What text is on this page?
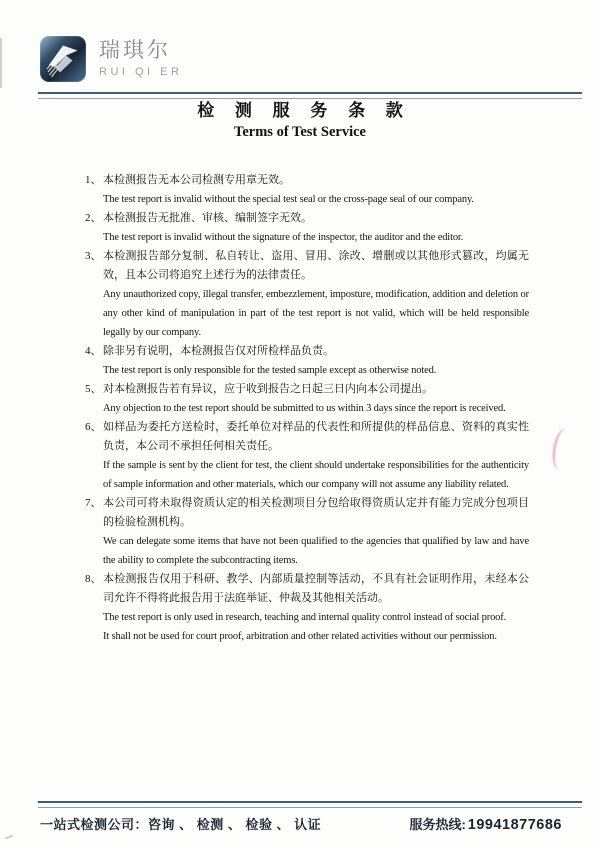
瑞琪尔
RUI QI ER
检 测 服 务 条 款
Terms of Test Service
1、 本检测报告无本公司检测专用章无效。
The test report is invalid without the special test seal or the cross-page seal of our company.
2、 本检测报告无批准、审核、编制签字无效。
The test report is invalid without the signature of the inspector, the auditor and the editor.
3、 本检测报告部分复制、私自转让、盗用、冒用、涂改、增删或以其他形式篡改，均属无效，且本公司将追究上述行为的法律责任。
Any unauthorized copy, illegal transfer, embezzlement, imposture, modification, addition and deletion or any other kind of manipulation in part of the test report is not valid, which will be held responsible legally by our company.
4、 除非另有说明，本检测报告仅对所检样品负责。
The test report is only responsible for the tested sample except as otherwise noted.
5、 对本检测报告若有异议，应于收到报告之日起三日内向本公司提出。
Any objection to the test report should be submitted to us within 3 days since the report is received.
6、 如样品为委托方送检时，委托单位对样品的代表性和所提供的样品信息、资料的真实性负责，本公司不承担任何相关责任。
If the sample is sent by the client for test, the client should undertake responsibilities for the authenticity of sample information and other materials, which our company will not assume any liability related.
7、 本公司可将未取得资质认定的相关检测项目分包给取得资质认定并有能力完成分包项目的检验检测机构。
We can delegate some items that have not been qualified to the agencies that qualified by law and have the ability to complete the subcontracting items.
8、 本检测报告仅用于科研、教学、内部质量控制等活动，不具有社会证明作用，未经本公司允许不得将此报告用于法庭举证、仲裁及其他相关活动。
The test report is only used in research, teaching and internal quality control instead of social proof.
It shall not be used for court proof, arbitration and other related activities without our permission.
一站式检测公司：咨询 、 检测 、 检验 、 认证	服务热线: 19941877686
